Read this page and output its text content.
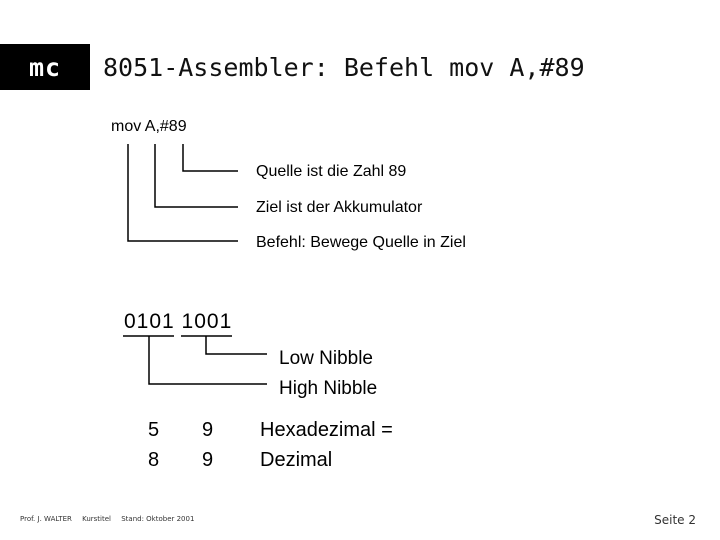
mc 8051-Assembler: Befehl mov A,#89
mov A,#89
Quelle ist die Zahl 89
Ziel ist der Akkumulator
Befehl: Bewege Quelle in Ziel
0101 1001
Low Nibble
High Nibble
5 9 Hexadezimal =
8 9 Dezimal
Prof. J. WALTER Kurstitel Stand: Oktober 2001	Seite 2
